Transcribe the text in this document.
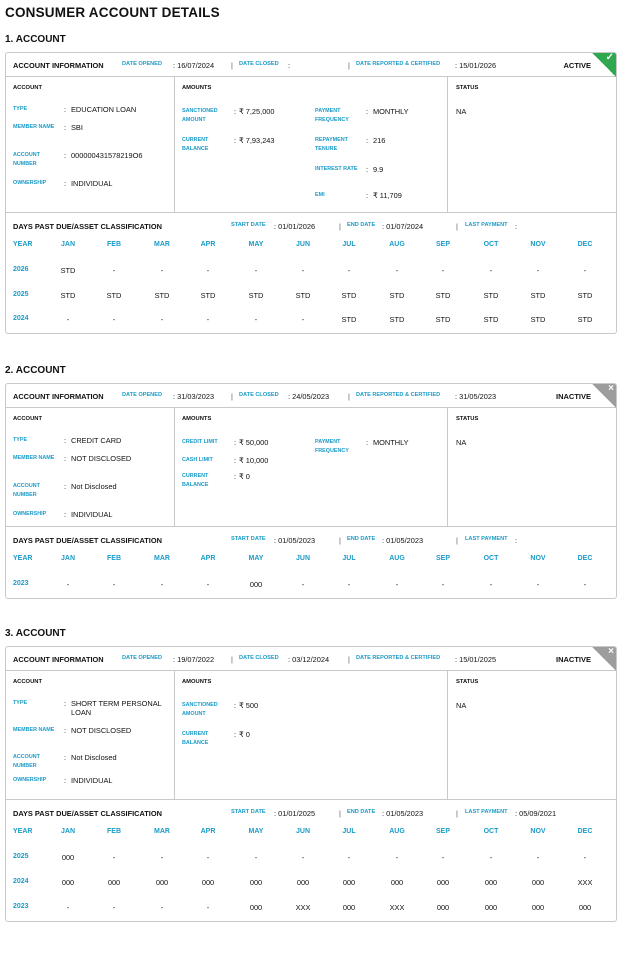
CONSUMER ACCOUNT DETAILS
1. ACCOUNT
ACCOUNT INFORMATION	DATE OPENED : 16/07/2024 | DATE CLOSED :	| DATE REPORTED & CERTIFIED : 15/01/2026	ACTIVE
✓
ACCOUNT	AMOUNTS	STATUS
TYPE	: EDUCATION LOAN
MEMBER NAME	: SBI
ACCOUNT NUMBER
: 000000431578219O6
OWNERSHIP	: INDIVIDUAL
SANCTIONED AMOUNT
: ₹ 7,25,000
CURRENT BALANCE
: ₹ 7,93,243
PAYMENT FREQUENCY
: MONTHLY
REPAYMENT TENURE
: 216
INTEREST RATE	: 9.9
EMI	: ₹ 11,709
NA
DAYS PAST DUE/ASSET CLASSIFICATION	START DATE : 01/01/2026	| END DATE : 01/07/2024	| LAST PAYMENT :
YEAR	JAN	FEB	MAR	APR	MAY	JUN	JUL	AUG	SEP	OCT	NOV	DEC
2026	STD	-	-	-	-	-	-	-	-	-	-	-
2025	STD	STD	STD	STD	STD	STD	STD	STD	STD	STD	STD	STD
2024	-	-	-	-	-	-	STD	STD	STD	STD	STD	STD
2. ACCOUNT
ACCOUNT INFORMATION	DATE OPENED : 31/03/2023 | DATE CLOSED : 24/05/2023	| DATE REPORTED & CERTIFIED : 31/05/2023	INACTIVE
×
ACCOUNT	AMOUNTS	STATUS
TYPE	: CREDIT CARD
MEMBER NAME	: NOT DISCLOSED
ACCOUNT NUMBER
: Not Disclosed
OWNERSHIP	: INDIVIDUAL
CREDIT LIMIT	: ₹ 50,000
CASH LIMIT	: ₹ 10,000
CURRENT BALANCE
: ₹ 0
PAYMENT FREQUENCY
: MONTHLY	NA
DAYS PAST DUE/ASSET CLASSIFICATION	START DATE : 01/05/2023	| END DATE : 01/05/2023	| LAST PAYMENT :
YEAR	JAN	FEB	MAR	APR	MAY	JUN	JUL	AUG	SEP	OCT	NOV	DEC
2023	-	-	-	-	000	-	-	-	-	-	-	-
3. ACCOUNT
ACCOUNT INFORMATION	DATE OPENED : 19/07/2022 | DATE CLOSED : 03/12/2024	| DATE REPORTED & CERTIFIED : 15/01/2025	INACTIVE
×
ACCOUNT	AMOUNTS	STATUS
TYPE	: SHORT TERM PERSONAL LOAN
MEMBER NAME	: NOT DISCLOSED
ACCOUNT NUMBER
: Not Disclosed
OWNERSHIP	: INDIVIDUAL
SANCTIONED AMOUNT
: ₹ 500
CURRENT BALANCE
: ₹ 0
NA
DAYS PAST DUE/ASSET CLASSIFICATION	START DATE : 01/01/2025	| END DATE : 01/05/2023	| LAST PAYMENT : 05/09/2021
YEAR	JAN	FEB	MAR	APR	MAY	JUN	JUL	AUG	SEP	OCT	NOV	DEC
2025	000	-	-	-	-	-	-	-	-	-	-	-
2024	000	000	000	000	000	000	000	000	000	000	000	XXX
2023	-	-	-	-	000	XXX	000	XXX	000	000	000	000
